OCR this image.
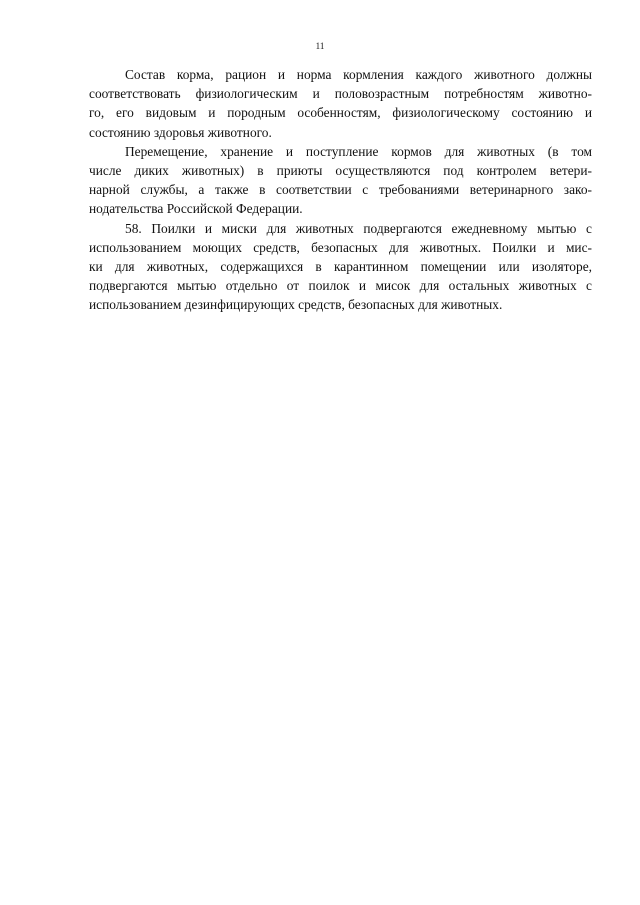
11
Состав корма, рацион и норма кормления каждого животного должны
соответствовать физиологическим и половозрастным потребностям животно-
го, его видовым и породным особенностям, физиологическому состоянию и
состоянию здоровья животного.
Перемещение, хранение и поступление кормов для животных (в том
числе диких животных) в приюты осуществляются под контролем ветери-
нарной службы, а также в соответствии с требованиями ветеринарного зако-
нодательства Российской Федерации.
58. Поилки и миски для животных подвергаются ежедневному мытью с
использованием моющих средств, безопасных для животных. Поилки и мис-
ки для животных, содержащихся в карантинном помещении или изоляторе,
подвергаются мытью отдельно от поилок и мисок для остальных животных с
использованием дезинфицирующих средств, безопасных для животных.
